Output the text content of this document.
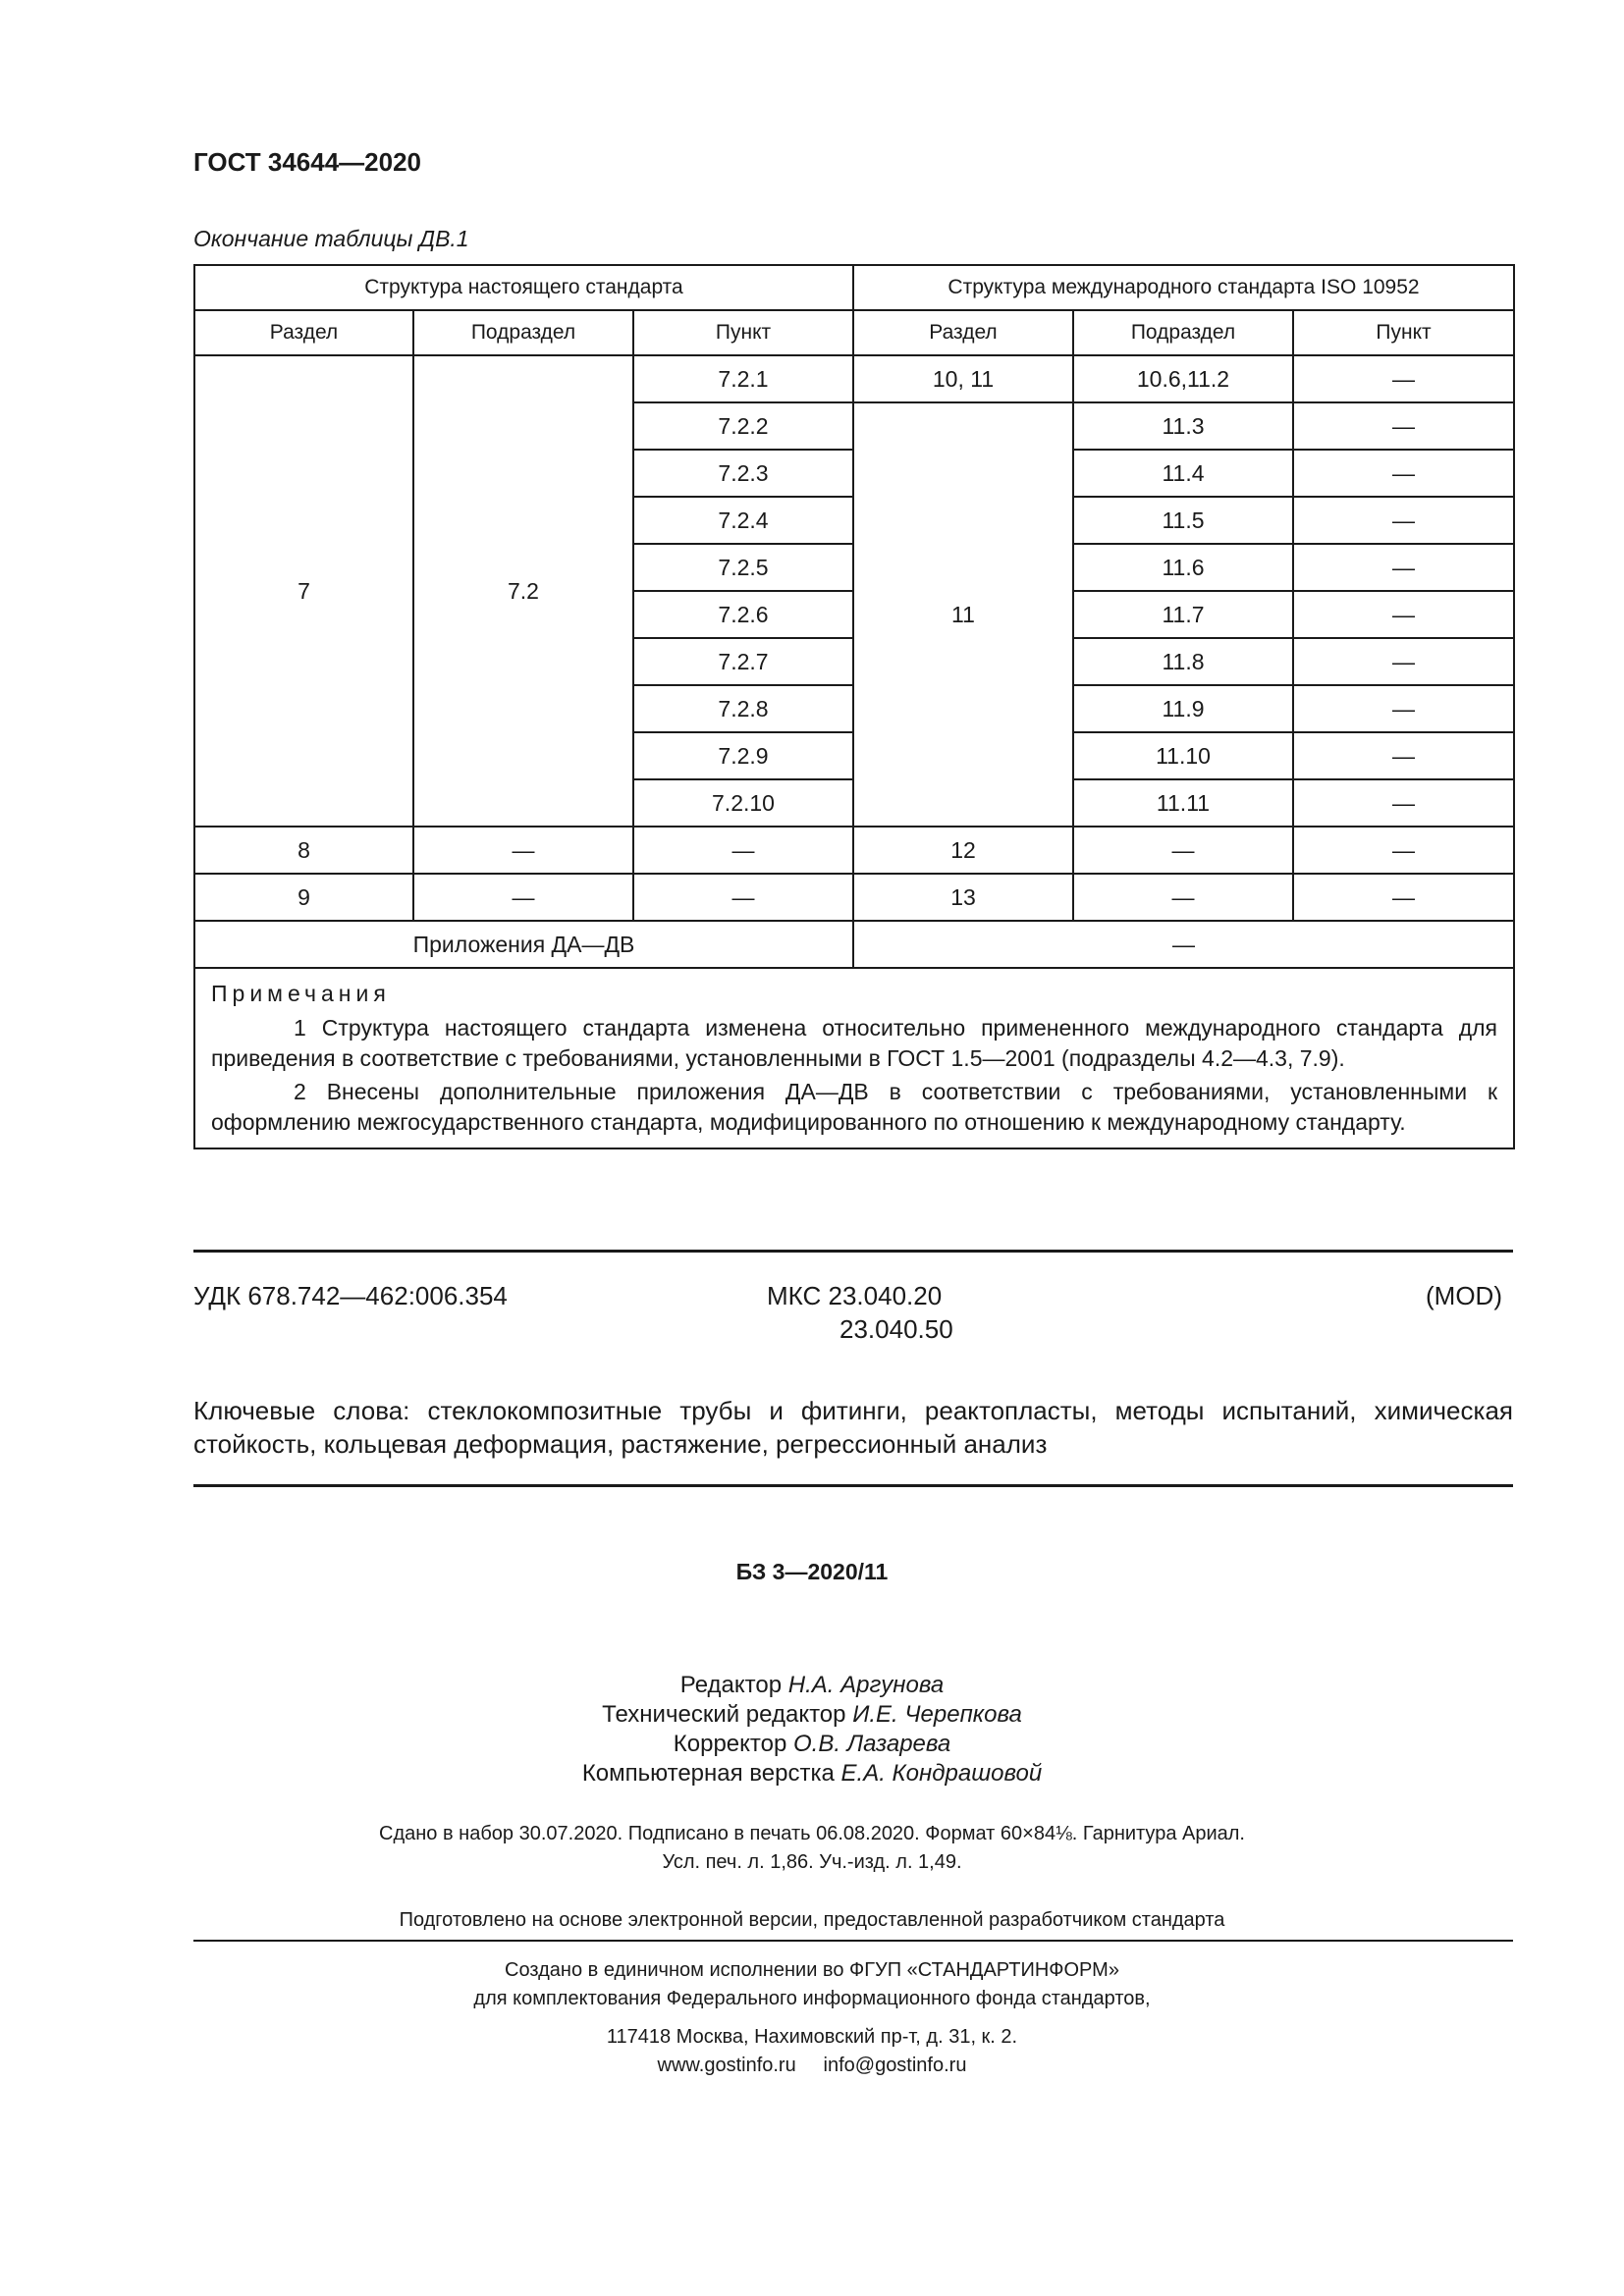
ГОСТ 34644—2020
Окончание таблицы ДВ.1
Структура настоящего стандарта			Структура международного стандарта ISO 10952		
Раздел	Подраздел	Пункт	Раздел	Подраздел	Пункт
7	7.2	7.2.1	10, 11	10.6,11.2	—
		7.2.2	11	11.3	—
		7.2.3		11.4	—
		7.2.4		11.5	—
		7.2.5		11.6	—
		7.2.6		11.7	—
		7.2.7		11.8	—
		7.2.8		11.9	—
		7.2.9		11.10	—
		7.2.10		11.11	—
8	—	—	12	—	—
9	—	—	13	—	—
Приложения ДА—ДВ			—		

Примечания
1 Структура настоящего стандарта изменена относительно примененного международного стандарта для приведения в соответствие с требованиями, установленными в ГОСТ 1.5—2001 (подразделы 4.2—4.3, 7.9).
2 Внесены дополнительные приложения ДА—ДВ в соответствии с требованиями, установленными к оформлению межгосударственного стандарта, модифицированного по отношению к международному стандарту.					
УДК 678.742—462:006.354	МКС 23.040.20
23.040.50
(MOD)
Ключевые слова: стеклокомпозитные трубы и фитинги, реактопласты, методы испытаний, химическая стойкость, кольцевая деформация, растяжение, регрессионный анализ
БЗ 3—2020/11
Редактор Н.А. Аргунова
Технический редактор И.Е. Черепкова
Корректор О.В. Лазарева
Компьютерная верстка Е.А. Кондрашовой
Сдано в набор 30.07.2020. Подписано в печать 06.08.2020. Формат 60×84⅛. Гарнитура Ариал.
Усл. печ. л. 1,86. Уч.-изд. л. 1,49.
Подготовлено на основе электронной версии, предоставленной разработчиком стандарта
Создано в единичном исполнении во ФГУП «СТАНДАРТИНФОРМ»
для комплектования Федерального информационного фонда стандартов,
117418 Москва, Нахимовский пр-т, д. 31, к. 2.
www.gostinfo.ru info@gostinfo.ru
